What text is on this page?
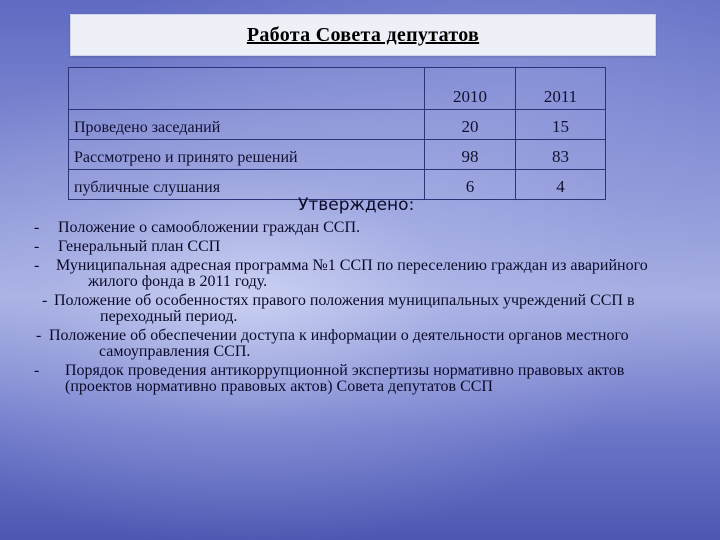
Работа Совета депутатов
	2010	2011
Проведено заседаний	20	15
Рассмотрено и принято решений	98	83
публичные слушания	6	4
Утверждено:
- Положение о самообложении граждан ССП.
- Генеральный план ССП
- Муниципальная адресная программа №1 ССП по переселению граждан из аварийного жилого фонда в 2011 году.
- Положение об особенностях правого положения муниципальных учреждений ССП в переходный период.
- Положение об обеспечении доступа к информации о деятельности органов местного самоуправления ССП.
- Порядок проведения антикоррупционной экспертизы нормативно правовых актов (проектов нормативно правовых актов) Совета депутатов ССП
